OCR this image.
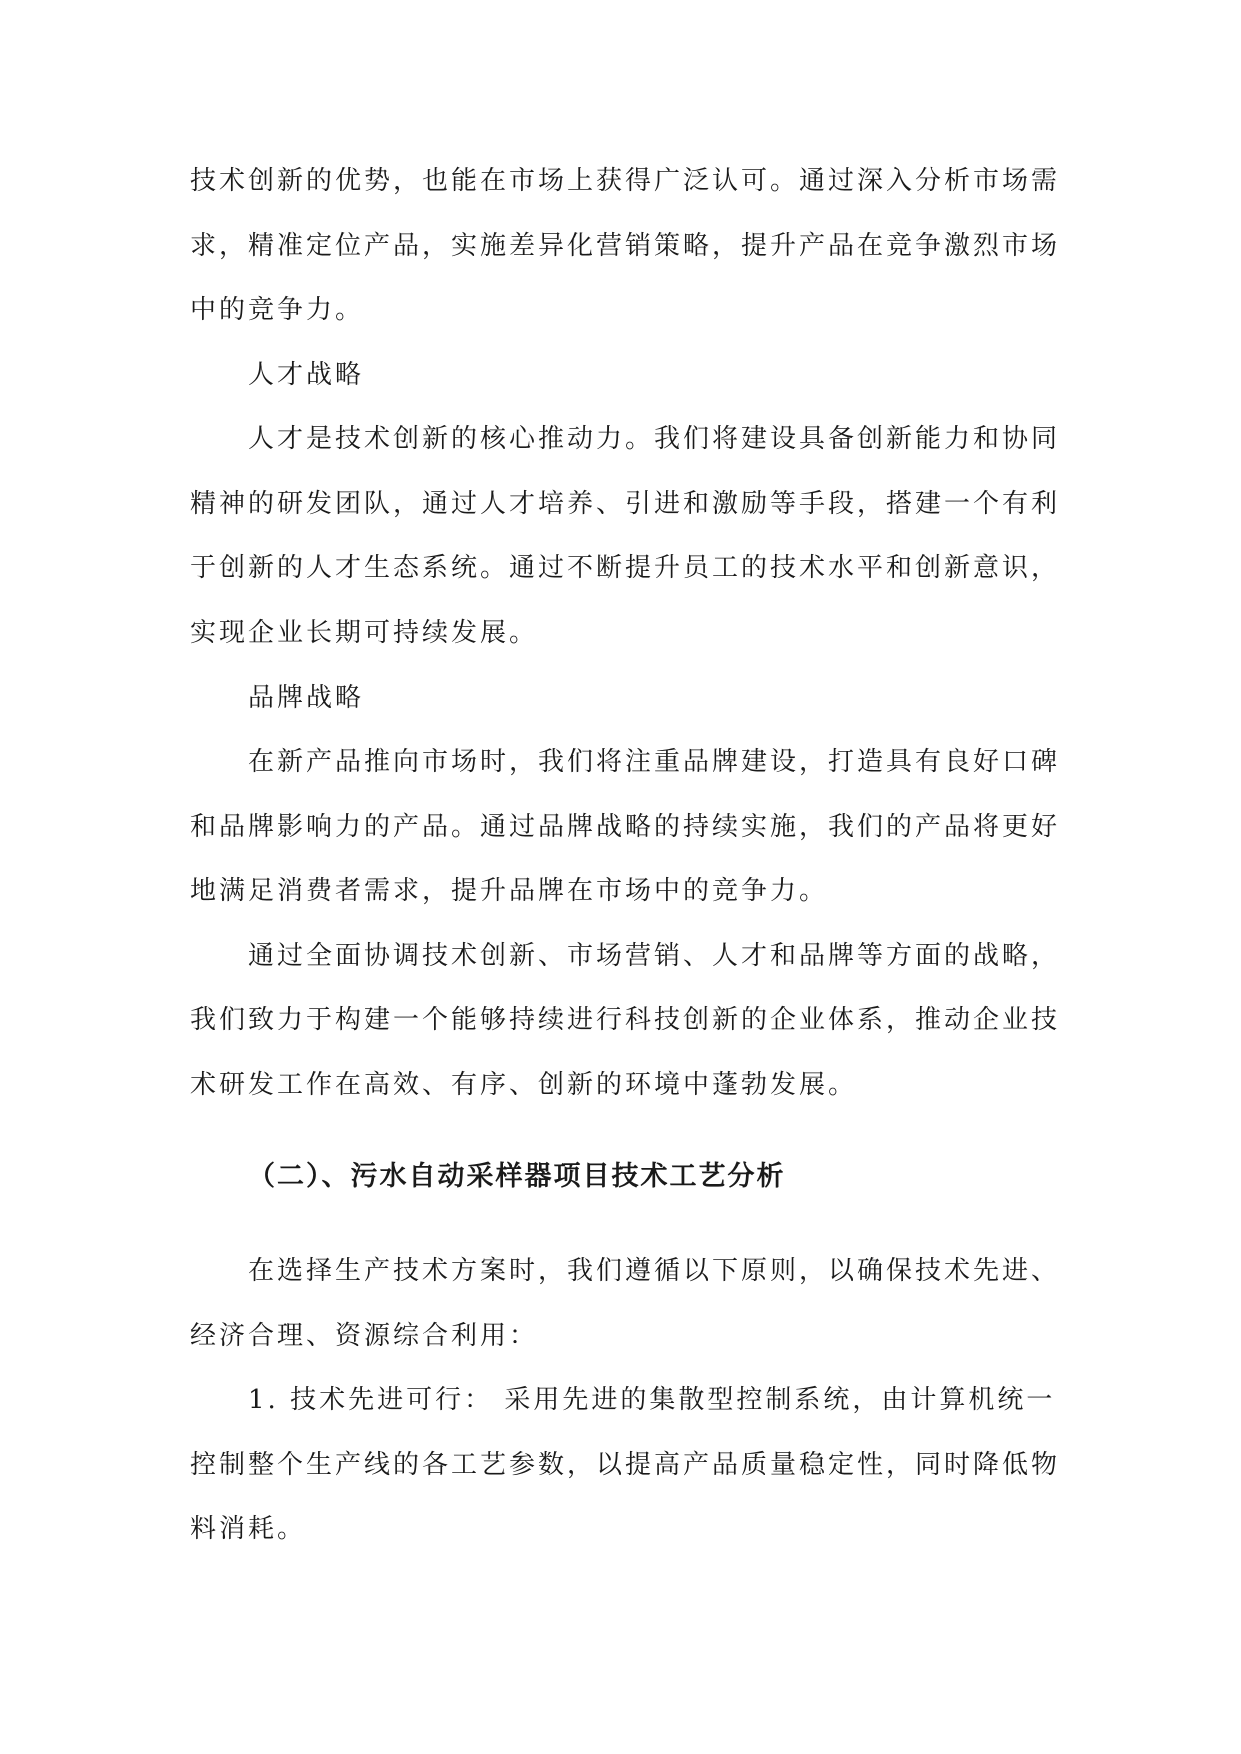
技术创新的优势，也能在市场上获得广泛认可。通过深入分析市场需
求，精准定位产品，实施差异化营销策略，提升产品在竞争激烈市场
中的竞争力。
人才战略
人才是技术创新的核心推动力。我们将建设具备创新能力和协同
精神的研发团队，通过人才培养、引进和激励等手段，搭建一个有利
于创新的人才生态系统。通过不断提升员工的技术水平和创新意识，
实现企业长期可持续发展。
品牌战略
在新产品推向市场时，我们将注重品牌建设，打造具有良好口碑
和品牌影响力的产品。通过品牌战略的持续实施，我们的产品将更好
地满足消费者需求，提升品牌在市场中的竞争力。
通过全面协调技术创新、市场营销、人才和品牌等方面的战略，
我们致力于构建一个能够持续进行科技创新的企业体系，推动企业技
术研发工作在高效、有序、创新的环境中蓬勃发展。
（二）、污水自动采样器项目技术工艺分析
在选择生产技术方案时，我们遵循以下原则，以确保技术先进、
经济合理、资源综合利用：
1. 技术先进可行： 采用先进的集散型控制系统，由计算机统一
控制整个生产线的各工艺参数，以提高产品质量稳定性，同时降低物
料消耗。
